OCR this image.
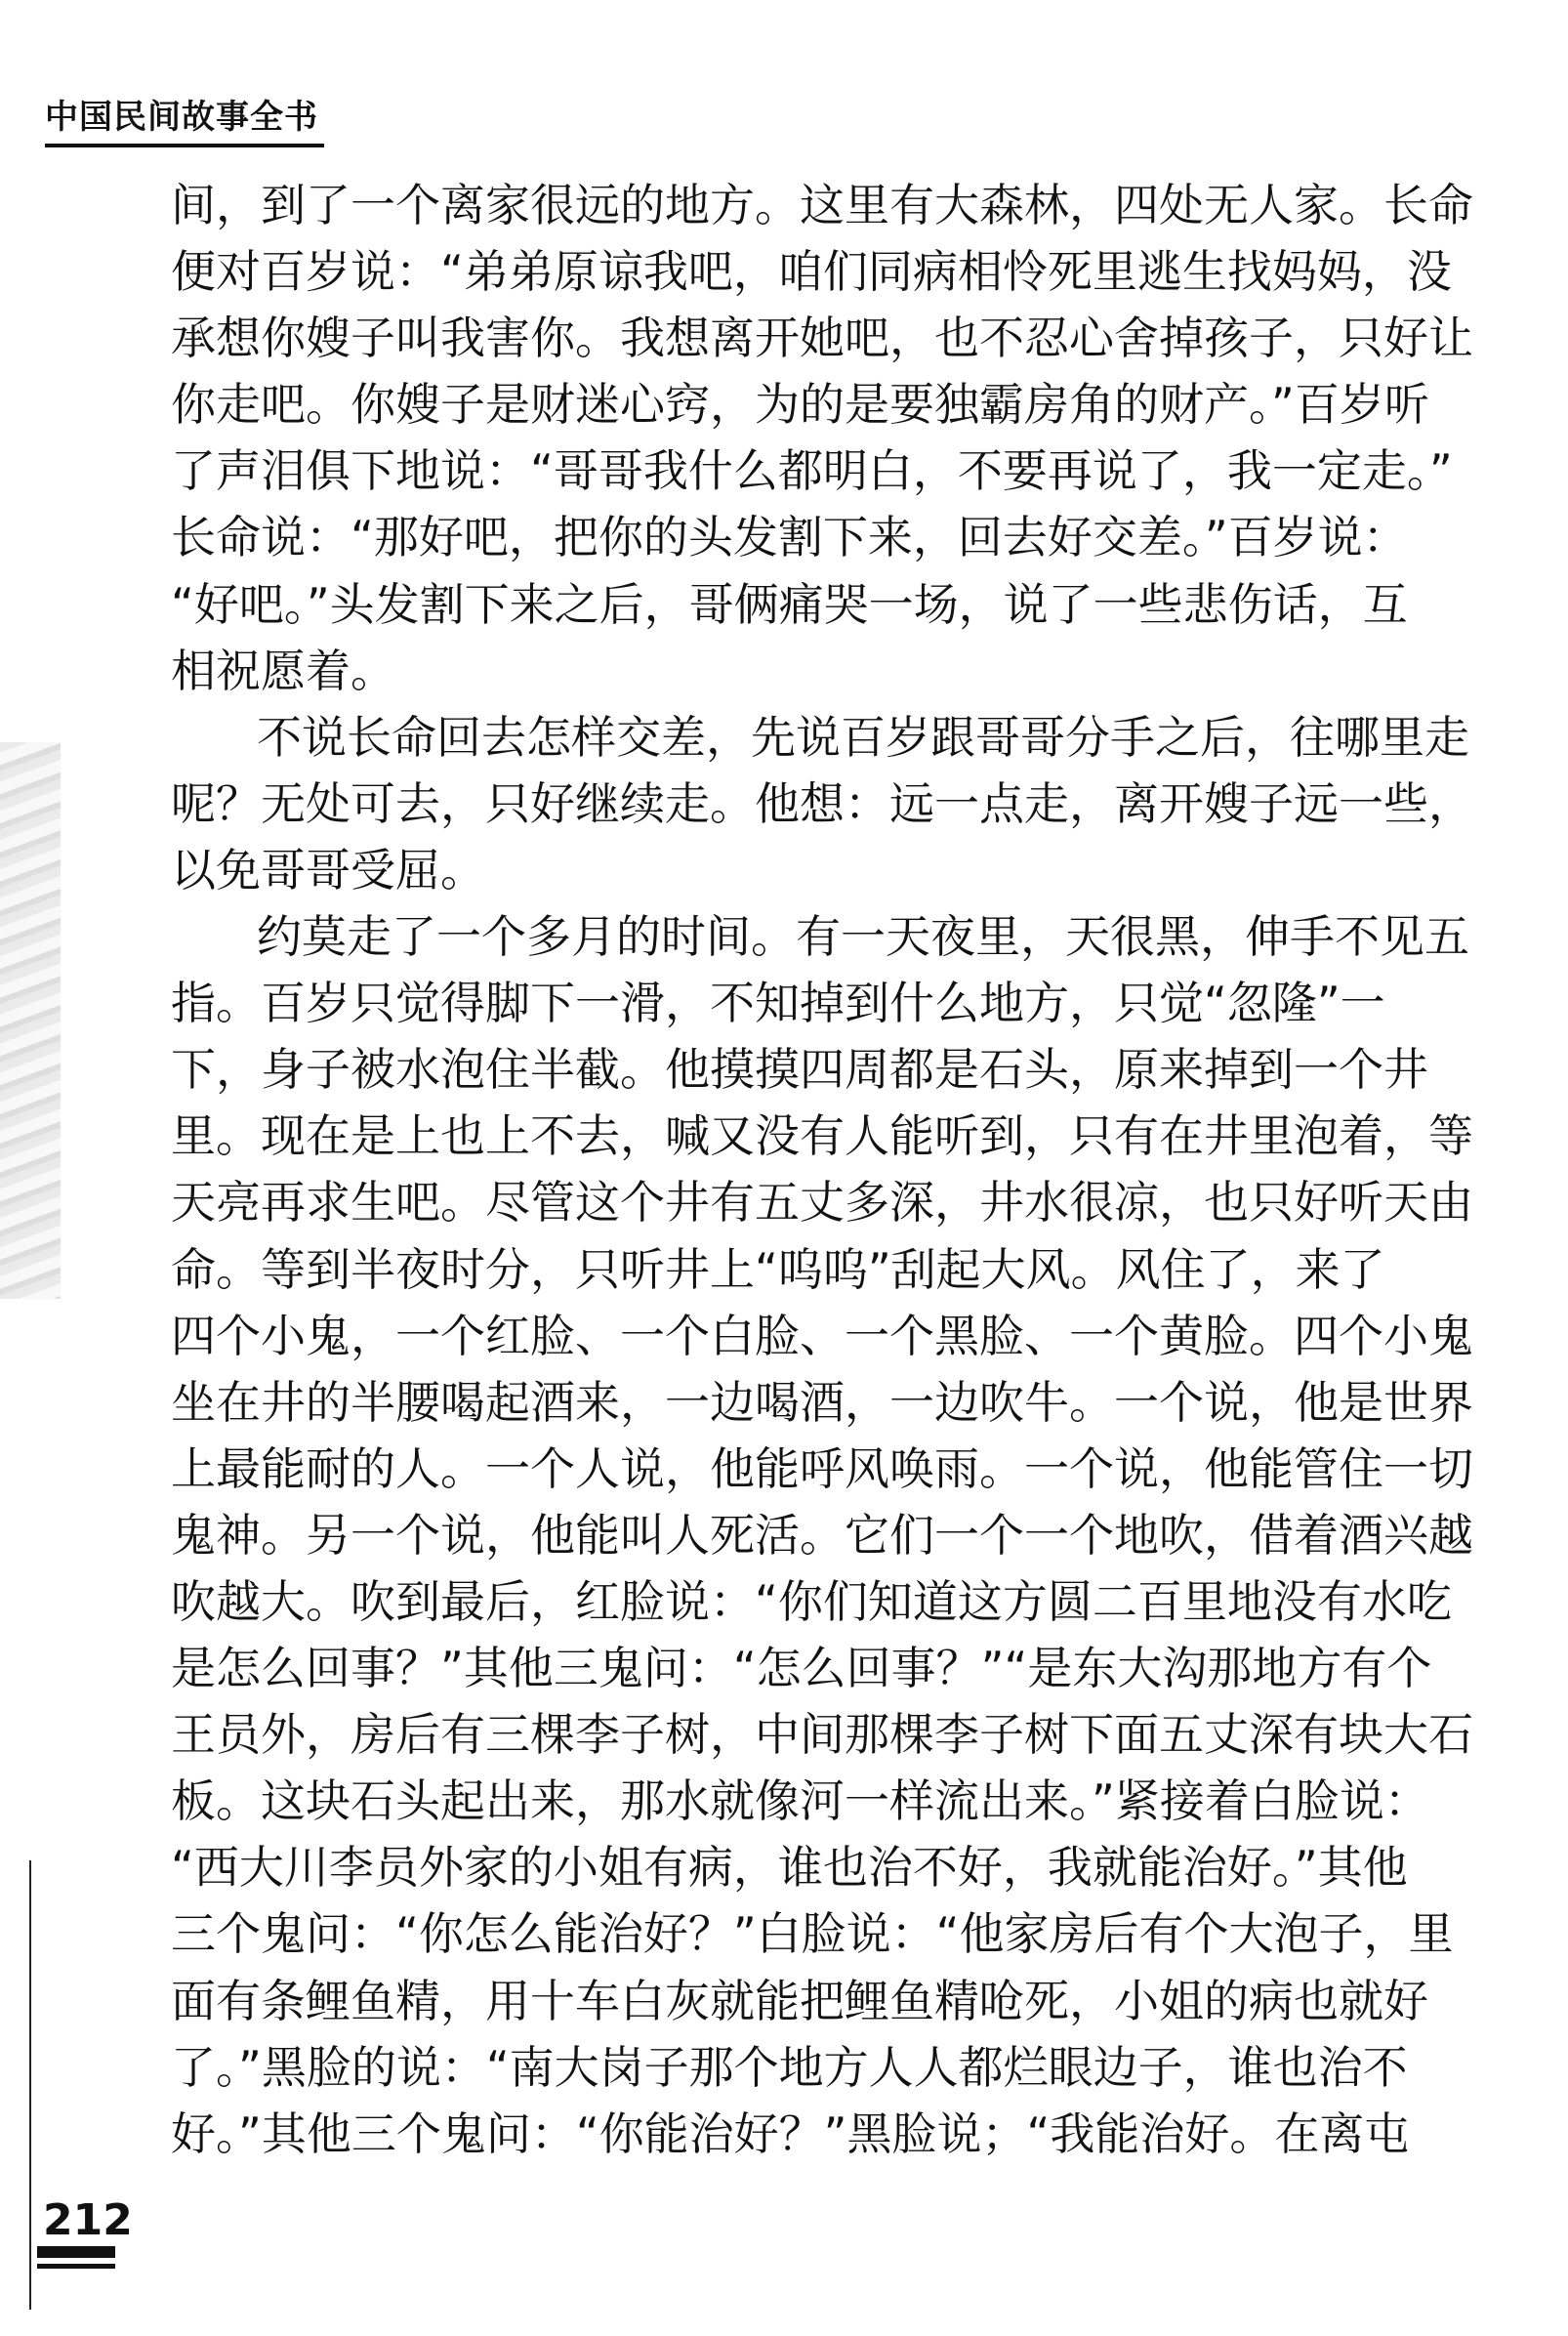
中国民间故事全书
间，到了一个离家很远的地方。这里有大森林，四处无人家。长命
便对百岁说：“弟弟原谅我吧，咱们同病相怜死里逃生找妈妈，没
承想你嫂子叫我害你。我想离开她吧，也不忍心舍掉孩子，只好让
你走吧。你嫂子是财迷心窍，为的是要独霸房角的财产。”百岁听
了声泪俱下地说：“哥哥我什么都明白，不要再说了，我一定走。”
长命说：“那好吧，把你的头发割下来，回去好交差。”百岁说：
“好吧。”头发割下来之后，哥俩痛哭一场，说了一些悲伤话，互
相祝愿着。
不说长命回去怎样交差，先说百岁跟哥哥分手之后，往哪里走
呢？无处可去，只好继续走。他想：远一点走，离开嫂子远一些，
以免哥哥受屈。
约莫走了一个多月的时间。有一天夜里，天很黑，伸手不见五
指。百岁只觉得脚下一滑，不知掉到什么地方，只觉“忽隆”一
下，身子被水泡住半截。他摸摸四周都是石头，原来掉到一个井
里。现在是上也上不去，喊又没有人能听到，只有在井里泡着，等
天亮再求生吧。尽管这个井有五丈多深，井水很凉，也只好听天由
命。等到半夜时分，只听井上“呜呜”刮起大风。风住了，来了
四个小鬼，一个红脸、一个白脸、一个黑脸、一个黄脸。四个小鬼
坐在井的半腰喝起酒来，一边喝酒，一边吹牛。一个说，他是世界
上最能耐的人。一个人说，他能呼风唤雨。一个说，他能管住一切
鬼神。另一个说，他能叫人死活。它们一个一个地吹，借着酒兴越
吹越大。吹到最后，红脸说：“你们知道这方圆二百里地没有水吃
是怎么回事？”其他三鬼问：“怎么回事？”“是东大沟那地方有个
王员外，房后有三棵李子树，中间那棵李子树下面五丈深有块大石
板。这块石头起出来，那水就像河一样流出来。”紧接着白脸说：
“西大川李员外家的小姐有病，谁也治不好，我就能治好。”其他
三个鬼问：“你怎么能治好？”白脸说：“他家房后有个大泡子，里
面有条鲤鱼精，用十车白灰就能把鲤鱼精呛死，小姐的病也就好
了。”黑脸的说：“南大岗子那个地方人人都烂眼边子，谁也治不
好。”其他三个鬼问：“你能治好？”黑脸说；“我能治好。在离屯
212
